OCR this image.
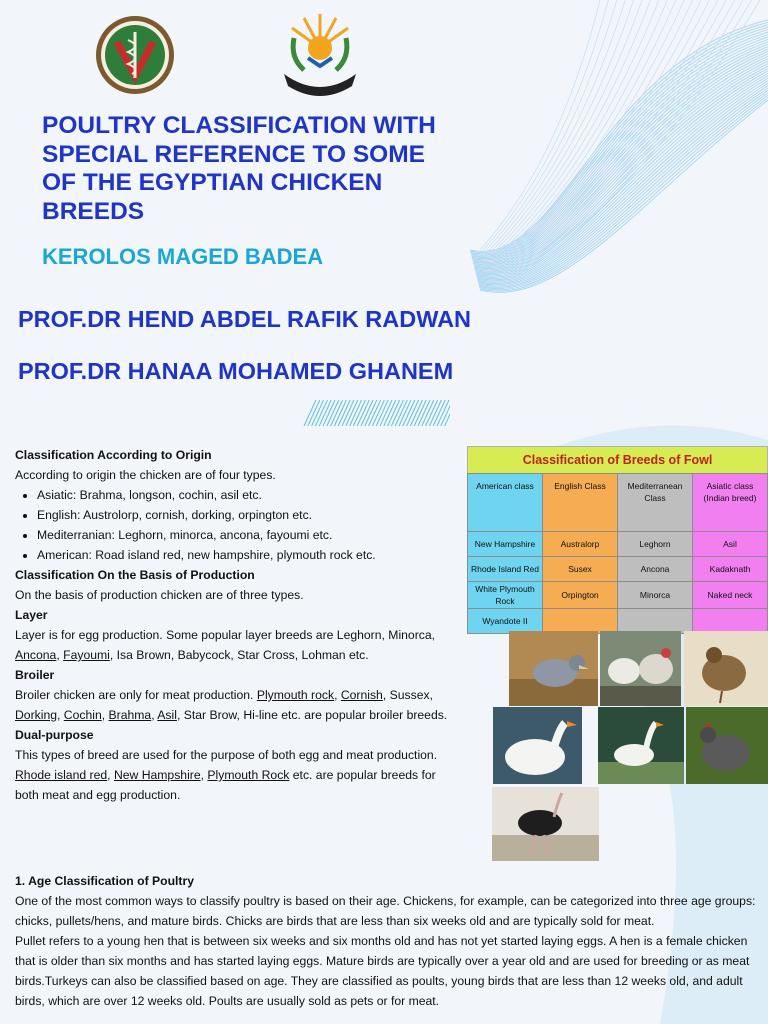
POULTRY CLASSIFICATION WITH SPECIAL REFERENCE TO SOME OF THE EGYPTIAN CHICKEN BREEDS
KEROLOS MAGED BADEA
PROF.DR HEND ABDEL RAFIK RADWAN
PROF.DR HANAA MOHAMED GHANEM

Classification According to Origin

According to origin the chicken are of four types.

• Asiatic: Brahma, longson, cochin, asil etc.
• English: Austrolorp, cornish, dorking, orpington etc.
• Mediterranian: Leghorn, minorca, ancona, fayoumi etc.
• American: Road island red, new hampshire, plymouth rock etc.

Classification On the Basis of Production

On the basis of production chicken are of three types.

Layer

Layer is for egg production. Some popular layer breeds are Leghorn, Minorca, Ancona, Fayoumi, Isa Brown, Babycock, Star Cross, Lohman etc.

Broiler

Broiler chicken are only for meat production. Plymouth rock, Cornish, Sussex, Dorking, Cochin, Brahma, Asil, Star Brow, Hi-line etc. are popular broiler breeds.

Dual-purpose

This types of breed are used for the purpose of both egg and meat production. Rhode island red, New Hampshire, Plymouth Rock etc. are popular breeds for both meat and egg production.

Classification of Breeds of Fowl
American class	English Class	Mediterranean Class	Asiatic class (Indian breed)
New Hampshire	Australorp	Leghorn	Asil
Rhode Island Red	Susex	Ancona	Kadaknath
White Plymouth Rock	Orpington	Minorca	Naked neck
Wyandote II			

1. Age Classification of Poultry

One of the most common ways to classify poultry is based on their age. Chickens, for example, can be categorized into three age groups: chicks, pullets/hens, and mature birds. Chicks are birds that are less than six weeks old and are typically sold for meat.

Pullet refers to a young hen that is between six weeks and six months old and has not yet started laying eggs. A hen is a female chicken that is older than six months and has started laying eggs. Mature birds are typically over a year old and are used for breeding or as meat birds.Turkeys can also be classified based on age. They are classified as poults, young birds that are less than 12 weeks old, and adult birds, which are over 12 weeks old. Poults are usually sold as pets or for meat.
